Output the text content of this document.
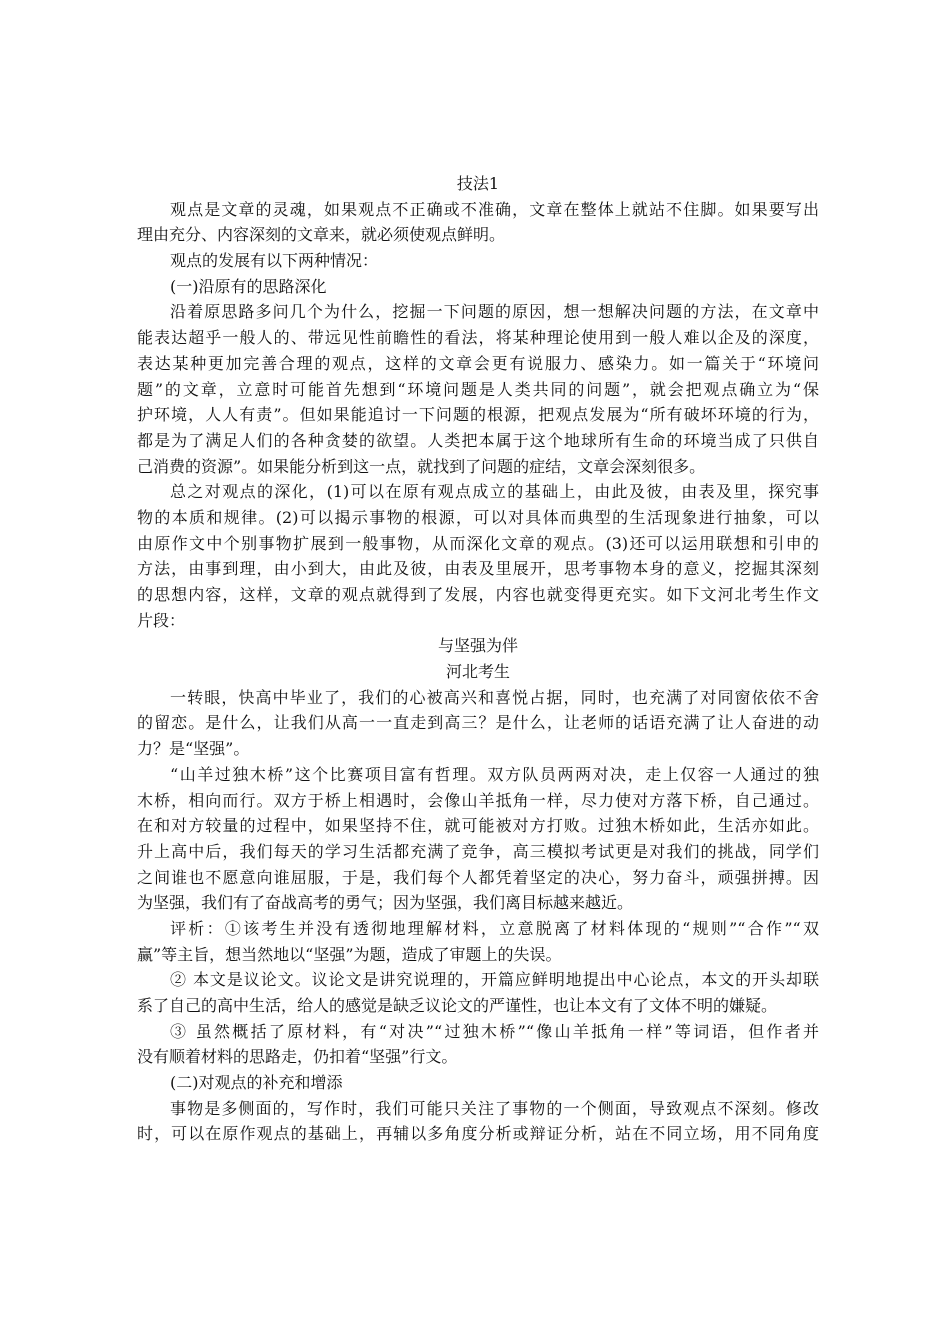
技法1
观点是文章的灵魂，如果观点不正确或不准确，文章在整体上就站不住脚。如果要写出
理由充分、内容深刻的文章来，就必须使观点鲜明。
观点的发展有以下两种情况：
(一)沿原有的思路深化
沿着原思路多问几个为什么，挖掘一下问题的原因，想一想解决问题的方法，在文章中
能表达超乎一般人的、带远见性前瞻性的看法，将某种理论使用到一般人难以企及的深度，
表达某种更加完善合理的观点，这样的文章会更有说服力、感染力。如一篇关于“环境问
题”的文章，立意时可能首先想到“环境问题是人类共同的问题”，就会把观点确立为“保
护环境，人人有责”。但如果能追讨一下问题的根源，把观点发展为“所有破坏环境的行为，
都是为了满足人们的各种贪婪的欲望。人类把本属于这个地球所有生命的环境当成了只供自
己消费的资源”。如果能分析到这一点，就找到了问题的症结，文章会深刻很多。
总之对观点的深化，(1)可以在原有观点成立的基础上，由此及彼，由表及里，探究事
物的本质和规律。(2)可以揭示事物的根源，可以对具体而典型的生活现象进行抽象，可以
由原作文中个别事物扩展到一般事物，从而深化文章的观点。(3)还可以运用联想和引申的
方法，由事到理，由小到大，由此及彼，由表及里展开，思考事物本身的意义，挖掘其深刻
的思想内容，这样，文章的观点就得到了发展，内容也就变得更充实。如下文河北考生作文
片段：
与坚强为伴
河北考生
一转眼，快高中毕业了，我们的心被高兴和喜悦占据，同时，也充满了对同窗依依不舍
的留恋。是什么，让我们从高一一直走到高三？是什么，让老师的话语充满了让人奋进的动
力？是“坚强”。
“山羊过独木桥”这个比赛项目富有哲理。双方队员两两对决，走上仅容一人通过的独
木桥，相向而行。双方于桥上相遇时，会像山羊抵角一样，尽力使对方落下桥，自己通过。
在和对方较量的过程中，如果坚持不住，就可能被对方打败。过独木桥如此，生活亦如此。
升上高中后，我们每天的学习生活都充满了竞争，高三模拟考试更是对我们的挑战，同学们
之间谁也不愿意向谁屈服，于是，我们每个人都凭着坚定的决心，努力奋斗，顽强拼搏。因
为坚强，我们有了奋战高考的勇气；因为坚强，我们离目标越来越近。
评析：①该考生并没有透彻地理解材料，立意脱离了材料体现的“规则”“合作”“双
赢”等主旨，想当然地以“坚强”为题，造成了审题上的失误。
② 本文是议论文。议论文是讲究说理的，开篇应鲜明地提出中心论点，本文的开头却联
系了自己的高中生活，给人的感觉是缺乏议论文的严谨性，也让本文有了文体不明的嫌疑。
③ 虽然概括了原材料，有“对决”“过独木桥”“像山羊抵角一样”等词语，但作者并
没有顺着材料的思路走，仍扣着“坚强”行文。
(二)对观点的补充和增添
事物是多侧面的，写作时，我们可能只关注了事物的一个侧面，导致观点不深刻。修改
时，可以在原作观点的基础上，再辅以多角度分析或辩证分析，站在不同立场，用不同角度
